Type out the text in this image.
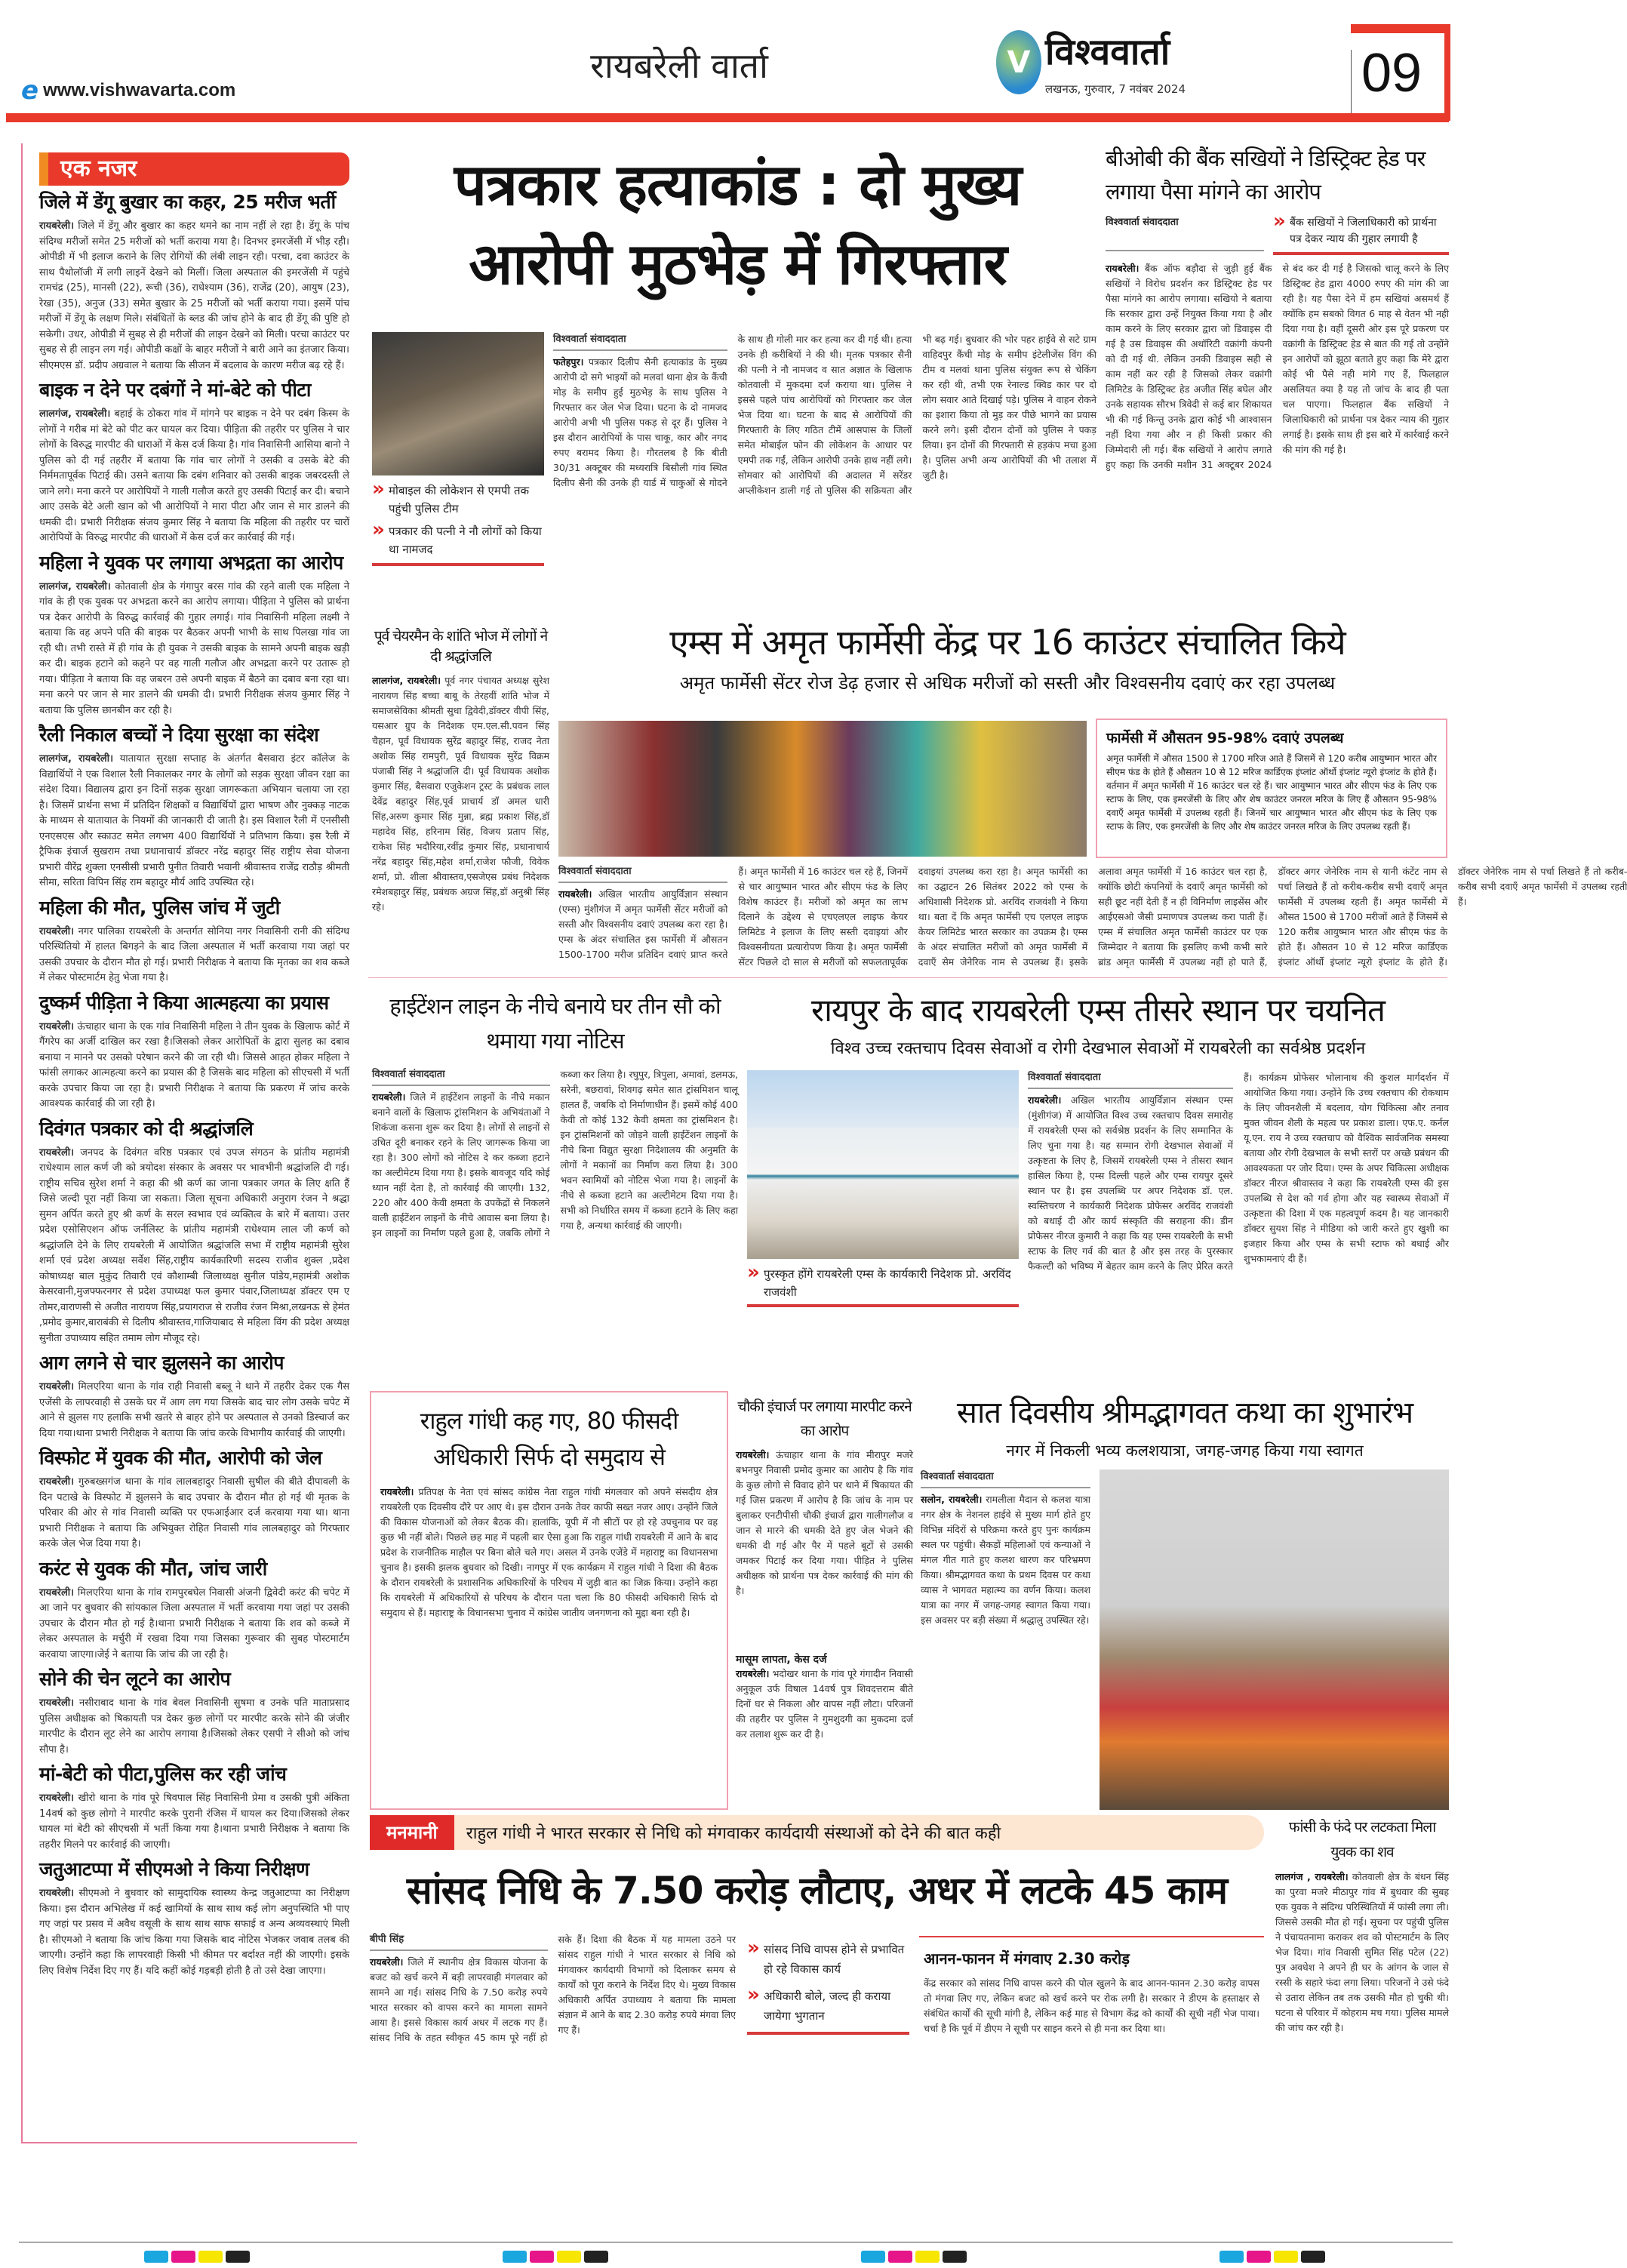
e www.vishwavarta.com
रायबरेली वार्ता	V विश्ववार्ता
लखनऊ, गुरुवार, 7 नवंबर 2024	09
एक नजर
जिले में डेंगू बुखार का कहर, 25 मरीज भर्ती

रायबरेली। जिले में डेंगू और बुखार का कहर थमने का नाम नहीं ले रहा है। डेंगू के पांच संदिग्ध मरीजों समेत 25 मरीजों को भर्ती कराया गया है। दिनभर इमरजेंसी में भीड़ रही। ओपीडी में भी इलाज कराने के लिए रोगियों की लंबी लाइन रही। परचा, दवा काउंटर के साथ पैथोलॉजी में लगी लाइनें देखने को मिलीं। जिला अस्पताल की इमरजेंसी में पहुंचे रामचंद्र (25), मानसी (22), रूची (36), राधेश्याम (36), राजेंद्र (20), आयुष (23), रेखा (35), अनुज (33) समेत बुखार के 25 मरीजों को भर्ती कराया गया। इसमें पांच मरीजों में डेंगू के लक्षण मिले। संबंधितों के ब्लड की जांच होने के बाद ही डेंगू की पुष्टि हो सकेगी। उधर, ओपीडी में सुबह से ही मरीजों की लाइन देखने को मिली। परचा काउंटर पर सुबह से ही लाइन लग गई। ओपीडी कक्षों के बाहर मरीजों ने बारी आने का इंतजार किया। सीएमएस डॉ. प्रदीप अग्रवाल ने बताया कि सीजन में बदलाव के कारण मरीज बढ़ रहे हैं।

बाइक न देने पर दबंगों ने मां-बेटे को पीटा

लालगंज, रायबरेली। बहाई के ठोकरा गांव में मांगने पर बाइक न देने पर दबंग किस्म के लोगों ने गरीब मां बेटे को पीट कर घायल कर दिया। पीड़िता की तहरीर पर पुलिस ने चार लोगों के विरुद्ध मारपीट की धाराओं में केस दर्ज किया है। गांव निवासिनी आसिया बानो ने पुलिस को दी गई तहरीर में बताया कि गांव चार लोगों ने उसकी व उसके बेटे की निर्ममतापूर्वक पिटाई की। उसने बताया कि दबंग शनिवार को उसकी बाइक जबरदस्ती ले जाने लगे। मना करने पर आरोपियों ने गाली गलौज करते हुए उसकी पिटाई कर दी। बचाने आए उसके बेटे अली खान को भी आरोपियों ने मारा पीटा और जान से मार डालने की धमकी दी। प्रभारी निरीक्षक संजय कुमार सिंह ने बताया कि महिला की तहरीर पर चारों आरोपियों के विरुद्ध मारपीट की धाराओं में केस दर्ज कर कार्रवाई की गई।

महिला ने युवक पर लगाया अभद्रता का आरोप

लालगंज, रायबरेली। कोतवाली क्षेत्र के गंगापुर बरस गांव की रहने वाली एक महिला ने गांव के ही एक युवक पर अभद्रता करने का आरोप लगाया। पीड़िता ने पुलिस को प्रार्थना पत्र देकर आरोपी के विरुद्ध कार्रवाई की गुहार लगाई। गांव निवासिनी महिला लक्ष्मी ने बताया कि वह अपने पति की बाइक पर बैठकर अपनी भाभी के साथ पिलखा गांव जा रही थी। तभी रास्ते में ही गांव के ही युवक ने उसकी बाइक के सामने अपनी बाइक खड़ी कर दी। बाइक हटाने को कहने पर वह गाली गलौज और अभद्रता करने पर उतारू हो गया। पीड़िता ने बताया कि वह जबरन उसे अपनी बाइक में बैठने का दबाव बना रहा था। मना करने पर जान से मार डालने की धमकी दी। प्रभारी निरीक्षक संजय कुमार सिंह ने बताया कि पुलिस छानबीन कर रही है।

रैली निकाल बच्चों ने दिया सुरक्षा का संदेश

लालगंज, रायबरेली। यातायात सुरक्षा सप्ताह के अंतर्गत बैसवारा इंटर कॉलेज के विद्यार्थियों ने एक विशाल रैली निकालकर नगर के लोगों को सड़क सुरक्षा जीवन रक्षा का संदेश दिया। विद्यालय द्वारा इन दिनों सड़क सुरक्षा जागरूकता अभियान चलाया जा रहा है। जिसमें प्रार्थना सभा में प्रतिदिन शिक्षकों व विद्यार्थियों द्वारा भाषण और नुक्कड़ नाटक के माध्यम से यातायात के नियमों की जानकारी दी जाती है। इस विशाल रैली में एनसीसी एनएसएस और स्काउट समेत लगभग 400 विद्यार्थियों ने प्रतिभाग किया। इस रैली में ट्रैफिक इंचार्ज सुखराम तथा प्रधानाचार्य डॉक्टर नरेंद्र बहादुर सिंह राष्ट्रीय सेवा योजना प्रभारी वीरेंद्र शुक्ला एनसीसी प्रभारी पुनीत तिवारी भवानी श्रीवास्तव राजेंद्र राठौड़ श्रीमती सीमा, सरिता विपिन सिंह राम बहादुर मौर्य आदि उपस्थित रहे।

महिला की मौत, पुलिस जांच में जुटी

रायबरेली। नगर पालिका रायबरेली के अन्तर्गत सोनिया नगर निवासिनी रानी की संदिग्ध परिस्थितियो में हालत बिगड़ने के बाद जिला अस्पताल में भर्ती करवाया गया जहां पर उसकी उपचार के दौरान मौत हो गई। प्रभारी निरीक्षक ने बताया कि मृतका का शव कब्जे में लेकर पोस्टमार्टम हेतु भेजा गया है।

दुष्कर्म पीड़िता ने किया आत्महत्या का प्रयास

रायबरेली। ऊंचाहार थाना के एक गांव निवासिनी महिला ने तीन युवक के खिलाफ कोर्ट में गैंगरेप का अर्जी दाखिल कर रखा है।जिसको लेकर आरोपितों के द्वारा सुलह का दबाव बनाया न मानने पर उसको परेषान करने की जा रही थी। जिससे आहत होकर महिला ने फांसी लगाकर आत्महत्या करने का प्रयास की है जिसके बाद महिला को सीएचसी में भर्ती करके उपचार किया जा रहा है। प्रभारी निरीक्षक ने बताया कि प्रकरण में जांच करके आवश्यक कार्रवाई की जा रही है।

दिवंगत पत्रकार को दी श्रद्धांजलि

रायबरेली। जनपद के दिवंगत वरिष्ठ पत्रकार एवं उपज संगठन के प्रांतीय महामंत्री राधेश्याम लाल कर्ण जी को त्रयोदश संस्कार के अवसर पर भावभीनी श्रद्धांजलि दी गई। राष्ट्रीय सचिव सुरेश शर्मा ने कहा की श्री कर्ण का जाना पत्रकार जगत के लिए क्षति हैं जिसे जल्दी पूरा नहीं किया जा सकता। जिला सूचना अधिकारी अनुराग रंजन ने श्रद्धा सुमन अर्पित करते हुए श्री कर्ण के सरल स्वभाव एवं व्यक्तित्व के बारे में बताया। उत्तर प्रदेश एसोसिएशन ऑफ जर्नलिस्ट के प्रांतीय महामंत्री राधेश्याम लाल जी कर्ण को श्रद्धांजलि देने के लिए रायबरेली में आयोजित श्रद्धांजलि सभा में राष्ट्रीय महामंत्री सुरेश शर्मा एवं प्रदेश अध्यक्ष सर्वेश सिंह,राष्ट्रीय कार्यकारिणी सदस्य राजीव शुक्ल ,प्रदेश कोषाध्यक्ष बाल मुकुंद तिवारी एवं कौशाम्बी जिलाध्यक्ष सुनील पांडेय,महामंत्री अशोक केसरवानी,मुजफ्फरनगर से प्रदेश उपाध्यक्ष फल कुमार पंवार,जिलाध्यक्ष डॉक्टर एम ए तोमर,वाराणसी से अजीत नारायण सिंह,प्रयागराज से राजीव रंजन मिश्रा,लखनऊ से हेमंत ,प्रमोद कुमार,बाराबंकी से दिलीप श्रीवास्तव,गाजियाबाद से महिला विंग की प्रदेश अध्यक्ष सुनीता उपाध्याय सहित तमाम लोग मौजूद रहे।

आग लगने से चार झुलसने का आरोप

रायबरेली। मिलएरिया थाना के गांव राही निवासी बब्लू ने थाने में तहरीर देकर एक गैस एजेंसी के लापरवाही से उसके घर में आग लग गया जिसके बाद चार लोग उसके चपेट में आने से झुलस गए हलाकि सभी खतरे से बाहर होने पर अस्पताल से उनको डिस्चार्ज कर दिया गया।थाना प्रभारी निरीक्षक ने बताया कि जांच करके विभागीय कार्रवाई की जाएगी।

विस्फोट में युवक की मौत, आरोपी को जेल

रायबरेली। गुरुबख्सगंज थाना के गांव लालबहादुर निवासी सुषील की बीते दीपावली के दिन पटाखे के विस्फोट में झुलसने के बाद उपचार के दौरान मौत हो गई थी मृतक के परिवार की ओर से गांव निवासी व्यक्ति पर एफआईआर दर्ज करवाया गया था। थाना प्रभारी निरीक्षक ने बताया कि अभियुक्त रोहित निवासी गांव लालबहादुर को गिरफ्तार करके जेल भेज दिया गया है।

करंट से युवक की मौत, जांच जारी

रायबरेली। मिलएरिया थाना के गांव रामपुरबघेल निवासी अंजनी द्विवेदी करंट की चपेट में आ जाने पर बुधवार की सांयकाल जिला अस्पताल में भर्ती करवाया गया जहां पर उसकी उपचार के दौरान मौत हो गई है।थाना प्रभारी निरीक्षक ने बताया कि शव को कब्जे में लेकर अस्पताल के मर्चुरी में रखवा दिया गया जिसका गुरूवार की सुबह पोस्टमार्टम करवाया जाएगा।जेई ने बताया कि जांच की जा रही है।

सोने की चेन लूटने का आरोप

रायबरेली। नसीराबाद थाना के गांव बेवल निवासिनी सुषमा व उनके पति माताप्रसाद पुलिस अधीक्षक को षिकायती पत्र देकर कुछ लोगों पर मारपीट करके सोने की जंजीर मारपीट के दौरान लूट लेने का आरोप लगाया है।जिसको लेकर एसपी ने सीओ को जांच सौपा है।

मां-बेटी को पीटा,पुलिस कर रही जांच

रायबरेली। खीरो थाना के गांव पूरे षिवपाल सिंह निवासिनी प्रेमा व उसकी पुत्री अंकिता 14वर्ष को कुछ लोगो ने मारपीट करके पुरानी रंजिस में घायल कर दिया।जिसको लेकर घायल मां बेटी को सीएचसी में भर्ती किया गया है।थाना प्रभारी निरीक्षक ने बताया कि तहरीर मिलने पर कार्रवाई की जाएगी।

जतुआटप्पा में सीएमओ ने किया निरीक्षण

रायबरेली। सीएमओ ने बुधवार को सामुदायिक स्वास्थ्य केन्द्र जतुआटप्पा का निरीक्षण किया। इस दौरान अभिलेख में कई खामियों के साथ साथ कई लोग अनुपस्थिति भी पाए गए जहां पर प्रसव में अवैध वसूली के साथ साथ साफ सफाई व अन्य अव्यवस्थाएं मिली है। सीएमओ ने बताया कि जांच किया गया जिसके बाद नोटिस भेजकर जवाब तलब की जाएगी। उन्होंने कहा कि लापरवाही किसी भी कीमत पर बर्दाश्त नहीं की जाएगी। इसके लिए विशेष निर्देश दिए गए हैं। यदि कहीं कोई गड़बड़ी होती है तो उसे देखा जाएगा।

पत्रकार हत्याकांड : दो मुख्य आरोपी मुठभेड़ में गिरफ्तार
» मोबाइल की लोकेशन से एमपी तक पहुंची पुलिस टीम
» पत्रकार की पत्नी ने नौ लोगों को किया था नामजद
विश्ववार्ता संवाददाता
फतेहपुर। पत्रकार दिलीप सैनी हत्याकांड के मुख्य आरोपी दो सगे भाइयों को मलवां थाना क्षेत्र के कैंची मोड़ के समीप हुई मुठभेड़ के साथ पुलिस ने गिरफ्तार कर जेल भेज दिया। घटना के दो नामजद आरोपी अभी भी पुलिस पकड़ से दूर हैं। पुलिस ने इस दौरान आरोपियों के पास चाकू, कार और नगद रुपए बरामद किया है। गौरतलब है कि बीती 30/31 अक्टूबर की मध्यरात्रि बिसौली गांव स्थित दिलीप सैनी की उनके ही यार्ड में चाकुओं से गोदने के साथ ही गोली मार कर हत्या कर दी गई थी। हत्या उनके ही करीबियों ने की थी। मृतक पत्रकार सैनी की पत्नी ने नौ नामजद व सात अज्ञात के खिलाफ कोतवाली में मुकदमा दर्ज कराया था। पुलिस ने इससे पहले पांच आरोपियों को गिरफ्तार कर जेल भेज दिया था। घटना के बाद से आरोपियों की गिरफ्तारी के लिए गठित टीमें आसपास के जिलों समेत मोबाईल फोन की लोकेशन के आधार पर एमपी तक गईं, लेकिन आरोपी उनके हाथ नहीं लगे। सोमवार को आरोपियों की अदालत में सरेंडर अप्लीकेशन डाली गई तो पुलिस की सक्रियता और भी बढ़ गई। बुधवार की भोर पहर हाईवे से सटे ग्राम वाहिदपुर कैंची मोड़ के समीप इंटेलीजेंस विंग की टीम व मलवां थाना पुलिस संयुक्त रूप से चेकिंग कर रही थी, तभी एक रेनाल्ड क्विड कार पर दो लोग सवार आते दिखाई पड़े। पुलिस ने वाहन रोकने का इशारा किया तो मुड़ कर पीछे भागने का प्रयास करने लगे। इसी दौरान दोनों को पुलिस ने पकड़ लिया। इन दोनों की गिरफ्तारी से हड़कंप मचा हुआ है। पुलिस अभी अन्य आरोपियों की भी तलाश में जुटी है।
बीओबी की बैंक सखियों ने डिस्ट्रिक्ट हेड पर लगाया पैसा मांगने का आरोप
विश्ववार्ता संवाददाता	» बैंक सखियों ने जिलाधिकारी को प्रार्थना पत्र देकर न्याय की गुहार लगायी है
रायबरेली। बैंक ऑफ बड़ौदा से जुड़ी हुई बैंक सखियों ने विरोध प्रदर्शन कर डिस्ट्रिक्ट हेड पर पैसा मांगने का आरोप लगाया। सखियो ने बताया कि सरकार द्वारा उन्हें नियुक्त किया गया है और काम करने के लिए सरकार द्वारा जो डिवाइस दी गई है उस डिवाइस की अथॉरिटी वक्रांगी कंपनी को दी गई थी. लेकिन उनकी डिवाइस सही से काम नहीं कर रही है जिसको लेकर वक्रांगी लिमिटेड के डिस्ट्रिक्ट हेड अजीत सिंह बघेल और उनके सहायक सौरभ त्रिवेदी से कई बार शिकायत भी की गई किन्तु उनके द्वारा कोई भी आश्वासन नहीं दिया गया और न ही किसी प्रकार की जिम्मेदारी ली गई। बैंक सखियों ने आरोप लगाते हुए कहा कि उनकी मशीन 31 अक्टूबर 2024 से बंद कर दी गई है जिसको चालू करने के लिए डिस्ट्रिक्ट हेड द्वारा 4000 रुपए की मांग की जा रही है। यह पैसा देने में हम सखियां असमर्थ हैं क्योंकि हम सबको विगत 6 माह से वेतन भी नही दिया गया है। वहीं दूसरी ओर इस पूरे प्रकरण पर वक्रांगी के डिस्ट्रिक्ट हेड से बात की गई तो उन्होंने इन आरोपों को झूठा बताते हुए कहा कि मेरे द्वारा कोई भी पैसे नही मांगे गए हैं, फिलहाल असलियत क्या है यह तो जांच के बाद ही पता चल पाएगा। फिलहाल बैंक सखियों ने जिलाधिकारी को प्रार्थना पत्र देकर न्याय की गुहार लगाई है। इसके साथ ही इस बारे में कार्रवाई करने की मांग की गई है।
पूर्व चेयरमैन के शांति भोज में लोगों ने दी श्रद्धांजलि
लालगंज, रायबरेली। पूर्व नगर पंचायत अध्यक्ष सुरेश नारायण सिंह बच्चा बाबू के तेरहवीं शांति भोज में समाजसेविका श्रीमती सुधा द्विवेदी,डॉक्टर वीपी सिंह, यसआर ग्रुप के निदेशक एम.एल.सी.पवन सिंह चैहान, पूर्व विधायक सुरेंद्र बहादुर सिंह, राजद नेता अशोक सिंह रामपुरी, पूर्व विधायक सुरेंद्र विक्रम पंजाबी सिंह ने श्रद्धांजलि दी। पूर्व विधायक अशोक कुमार सिंह, बैसवारा एजुकेशन ट्रस्ट के प्रबंधक लाल देवेंद्र बहादुर सिंह,पूर्व प्राचार्य डॉ अमल धारी सिंह,अरुण कुमार सिंह मुन्ना, ब्रह्म प्रकाश सिंह,डॉ महादेव सिंह, हरिनाम सिंह, विजय प्रताप सिंह, राकेश सिंह भदौरिया,रवींद्र कुमार सिंह, प्रधानाचार्य नरेंद्र बहादुर सिंह,महेश शर्मा,राजेश फौजी, विवेक शर्मा, प्रो. शीला श्रीवास्तव,एसजेएस प्रबंध निदेशक रमेशबहादुर सिंह, प्रबंधक अग्रज सिंह,डॉ अनुश्री सिंह रहे।
एम्स में अमृत फार्मेसी केंद्र पर 16 काउंटर संचालित किये
अमृत फार्मेसी सेंटर रोज डेढ़ हजार से अधिक मरीजों को सस्ती और विश्वसनीय दवाएं कर रहा उपलब्ध
फार्मेसी में औसतन 95-98% दवाएं उपलब्ध
अमृत फार्मेसी में औसत 1500 से 1700 मरिज आते हैं जिसमें से 120 करीब आयुष्मान भारत और सीएम फंड के होते हैं औसतन 10 से 12 मरिज कार्डिएक इंप्लांट ऑर्थो इंप्लांट न्यूरो इंप्लांट के होते हैं। वर्तमान में अमृत फार्मेसी में 16 काउंटर चल रहे हैं। चार आयुष्मान भारत और सीएम फंड के लिए एक स्टाफ के लिए, एक इमरजेंसी के लिए और शेष काउंटर जनरल मरिज के लिए हैं औसतन 95-98% दवाएँ अमृत फार्मेसी में उपलब्ध रहती हैं। जिनमें चार आयुष्मान भारत और सीएम फंड के लिए एक स्टाफ के लिए, एक इमरजेंसी के लिए और शेष काउंटर जनरल मरिज के लिए उपलब्ध रहती हैं।
विश्ववार्ता संवाददाता
रायबरेली। अखिल भारतीय आयुर्विज्ञान संस्थान (एम्स) मुंशीगंज में अमृत फार्मेसी सेंटर मरीजों को सस्ती और विश्वसनीय दवाएं उपलब्ध करा रहा है। एम्स के अंदर संचालित इस फार्मेसी में औसतन 1500-1700 मरीज प्रतिदिन दवाएं प्राप्त करते हैं। अमृत फार्मेसी में 16 काउंटर चल रहे हैं, जिनमें से चार आयुष्मान भारत और सीएम फंड के लिए विशेष काउंटर हैं। मरीजों को अमृत का लाभ दिलाने के उद्देश्य से एचएलएल लाइफ केयर लिमिटेड ने इलाज के लिए सस्ती दवाइयां और विश्वसनीयता प्रत्यारोपण किया है। अमृत फार्मेसी सेंटर पिछले दो साल से मरीजों को सफलतापूर्वक दवाइयां उपलब्ध करा रहा है। अमृत फार्मेसी का का उद्घाटन 26 सितंबर 2022 को एम्स के अधिशासी निदेशक प्रो. अरविंद राजवंशी ने किया था। बता दें कि अमृत फार्मेसी एच एलएल लाइफ केयर लिमिटेड भारत सरकार का उपक्रम है। एम्स के अंदर संचालित मरीजों को अमृत फार्मेसी में दवाएँ सेम जेनेरिक नाम से उपलब्ध हैं। इसके अलावा अमृत फार्मेसी में 16 काउंटर चल रहा है, क्योंकि छोटी कंपनियों के दवाएँ अमृत फार्मेसी को सही छूट नहीं देती हैं न ही विनिर्माण लाइसेंस और आईएसओ जैसी प्रमाणपत्र उपलब्ध करा पाती हैं। एम्स में संचालित अमृत फार्मेसी काउंटर पर एक जिम्मेदार ने बताया कि इसलिए कभी कभी सारे ब्रांड अमृत फार्मेसी में उपलब्ध नहीं हो पाते हैं, डॉक्टर अगर जेनेरिक नाम से यानी कंटेंट नाम से पर्चा लिखते हैं तो करीब-करीब सभी दवाएँ अमृत फार्मेसी में उपलब्ध रहती हैं। अमृत फार्मेसी में औसत 1500 से 1700 मरीजों आते हैं जिसमें से 120 करीब आयुष्मान भारत और सीएम फंड के होते हैं। औसतन 10 से 12 मरिज कार्डिएक इंप्लांट ऑर्थो इंप्लांट न्यूरो इंप्लांट के होते हैं। डॉक्टर जेनेरिक नाम से पर्चा लिखते हैं तो करीब-करीब सभी दवाएँ अमृत फार्मेसी में उपलब्ध रहती हैं।
हाईटेंशन लाइन के नीचे बनाये घर तीन सौ को थमाया गया नोटिस
विश्ववार्ता संवाददाता
रायबरेली। जिले में हाईटेंशन लाइनों के नीचे मकान बनाने वालों के खिलाफ ट्रांसमिशन के अभियंताओं ने शिकंजा कसना शुरू कर दिया है। लोगों से लाइनों से उचित दूरी बनाकर रहने के लिए जागरूक किया जा रहा है। 300 लोगों को नोटिस दे कर कब्जा हटाने का अल्टीमेटम दिया गया है। इसके बावजूद यदि कोई ध्यान नहीं देता है, तो कार्रवाई की जाएगी। 132, 220 और 400 केवी क्षमता के उपकेंद्रों से निकलने वाली हाईटेंशन लाइनों के नीचे आवास बना लिया है। इन लाइनों का निर्माण पहले हुआ है, जबकि लोगों ने कब्जा कर लिया है। रघुपुर, त्रिपुला, अमावां, डलमऊ, सरेनी, बछरावां, शिवगढ़ समेत सात ट्रांसमिशन चालू हालत हैं, जबकि दो निर्माणाधीन हैं। इसमें कोई 400 केवी तो कोई 132 केवी क्षमता का ट्रांसमिशन है। इन ट्रांसमिशनों को जोड़ने वाली हाईटेंशन लाइनों के नीचे बिना विद्युत सुरक्षा निदेशालय की अनुमति के लोगों ने मकानों का निर्माण करा लिया है। 300 भवन स्वामियों को नोटिस भेजा गया है। लाइनों के नीचे से कब्जा हटाने का अल्टीमेटम दिया गया है। सभी को निर्धारित समय में कब्जा हटाने के लिए कहा गया है, अन्यथा कार्रवाई की जाएगी।
रायपुर के बाद रायबरेली एम्स तीसरे स्थान पर चयनित
विश्व उच्च रक्तचाप दिवस सेवाओं व रोगी देखभाल सेवाओं में रायबरेली का सर्वश्रेष्ठ प्रदर्शन
» पुरस्कृत होंगे रायबरेली एम्स के कार्यकारी निदेशक प्रो. अरविंद राजवंशी
विश्ववार्ता संवाददाता
रायबरेली। अखिल भारतीय आयुर्विज्ञान संस्थान एम्स (मुंशीगंज) में आयोजित विश्व उच्च रक्तचाप दिवस समारोह में रायबरेली एम्स को सर्वश्रेष्ठ प्रदर्शन के लिए सम्मानित के लिए चुना गया है। यह सम्मान रोगी देखभाल सेवाओं में उत्कृष्टता के लिए है, जिसमें रायबरेली एम्स ने तीसरा स्थान हासिल किया है, एम्स दिल्ली पहले और एम्स रायपुर दूसरे स्थान पर है। इस उपलब्धि पर अपर निदेशक डॉ. एल. स्वस्तिचरण ने कार्यकारी निदेशक प्रोफेसर अरविंद राजवंशी को बधाई दी और कार्य संस्कृति की सराहना की। डीन प्रोफेसर नीरज कुमारी ने कहा कि यह एम्स रायबरेली के सभी स्टाफ के लिए गर्व की बात है और इस तरह के पुरस्कार फैकल्टी को भविष्य में बेहतर काम करने के लिए प्रेरित करते हैं। कार्यक्रम प्रोफेसर भोलानाथ की कुशल मार्गदर्शन में आयोजित किया गया। उन्होंने कि उच्च रक्तचाप की रोकथाम के लिए जीवनशैली में बदलाव, योग चिकित्सा और तनाव मुक्त जीवन शैली के महत्व पर प्रकाश डाला। एफ.ए. कर्नल यू.एन. राय ने उच्च रक्तचाप को वैश्विक सार्वजनिक समस्या बताया और रोगी देखभाल के सभी स्तरों पर अच्छे प्रबंधन की आवश्यकता पर जोर दिया। एम्स के अपर चिकित्सा अधीक्षक डॉक्टर नीरज श्रीवास्तव ने कहा कि रायबरेली एम्स की इस उपलब्धि से देश को गर्व होगा और यह स्वास्थ्य सेवाओं में उत्कृष्टता की दिशा में एक महत्वपूर्ण कदम है। यह जानकारी डॉक्टर सुयश सिंह ने मीडिया को जारी करते हुए खुशी का इजहार किया और एम्स के सभी स्टाफ को बधाई और शुभकामनाएं दी हैं।
राहुल गांधी कह गए, 80 फीसदी अधिकारी सिर्फ दो समुदाय से
रायबरेली। प्रतिपक्ष के नेता एवं सांसद कांग्रेस नेता राहुल गांधी मंगलवार को अपने संसदीय क्षेत्र रायबरेली एक दिवसीय दौरे पर आए थे। इस दौरान उनके तेवर काफी सख्त नजर आए। उन्होंने जिले की विकास योजनाओं को लेकर बैठक की। हालांकि, यूपी में नौ सीटों पर हो रहे उपचुनाव पर वह कुछ भी नहीं बोले। पिछले छह माह में पहली बार ऐसा हुआ कि राहुल गांधी रायबरेली में आने के बाद प्रदेश के राजनीतिक माहौल पर बिना बोले चले गए। असल में उनके एजेंडे में महाराष्ट्र का विधानसभा चुनाव है। इसकी झलक बुधवार को दिखी। नागपुर में एक कार्यक्रम में राहुल गांधी ने दिशा की बैठक के दौरान रायबरेली के प्रशासनिक अधिकारियों के परिचय में जुड़ी बात का जिक्र किया। उन्होंने कहा कि रायबरेली में अधिकारियों से परिचय के दौरान पता चला कि 80 फीसदी अधिकारी सिर्फ दो समुदाय से हैं। महाराष्ट्र के विधानसभा चुनाव में कांग्रेस जातीय जनगणना को मुद्दा बना रही है।
चौकी इंचार्ज पर लगाया मारपीट करने का आरोप
रायबरेली। ऊंचाहार थाना के गांव मीरापुर मजरे बभनपुर निवासी प्रमोद कुमार का आरोप है कि गांव के कुछ लोगो से विवाद होने पर थाने में षिकायत की गई जिस प्रकरण में आरोप है कि जांच के नाम पर बुलाकर एनटीपीसी चौकी इंचार्ज द्वारा गालीगलौज व जान से मारने की धमकी देते हुए जेल भेजने की धमकी दी गई और पैर में पहले बूटों से उसकी जमकर पिटाई कर दिया गया। पीड़ित ने पुलिस अधीक्षक को प्रार्थना पत्र देकर कार्रवाई की मांग की है।
मासूम लापता, केस दर्ज
रायबरेली। भदोखर थाना के गांव पूरे गंगादीन निवासी अनुकूल उर्फ विषाल 14वर्ष पुत्र शिवदत्तराम बीते दिनों घर से निकला और वापस नहीं लौटा। परिजनों की तहरीर पर पुलिस ने गुमशुदगी का मुकदमा दर्ज कर तलाश शुरू कर दी है।
सात दिवसीय श्रीमद्भागवत कथा का शुभारंभ
नगर में निकली भव्य कलशयात्रा, जगह-जगह किया गया स्वागत
विश्ववार्ता संवाददाता
सलोन, रायबरेली। रामलीला मैदान से कलश यात्रा नगर क्षेत्र के नेशनल हाईवे से मुख्य मार्ग होते हुए विभिन्न मंदिरों से परिक्रमा करते हुए पुनः कार्यक्रम स्थल पर पहुंची। सैकड़ों महिलाओं एवं कन्याओं ने मंगल गीत गाते हुए कलश धारण कर परिभ्रमण किया। श्रीमद्भागवत कथा के प्रथम दिवस पर कथा व्यास ने भागवत महात्म्य का वर्णन किया। कलश यात्रा का नगर में जगह-जगह स्वागत किया गया। इस अवसर पर बड़ी संख्या में श्रद्धालु उपस्थित रहे।
मनमानी	राहुल गांधी ने भारत सरकार से निधि को मंगवाकर कार्यदायी संस्थाओं को देने की बात कही
सांसद निधि के 7.50 करोड़ लौटाए, अधर में लटके 45 काम
बीपी सिंह
रायबरेली। जिले में स्थानीय क्षेत्र विकास योजना के बजट को खर्च करने में बड़ी लापरवाही मंगलवार को सामने आ गई। सांसद निधि के 7.50 करोड़ रुपये भारत सरकार को वापस करने का मामला सामने आया है। इससे विकास कार्य अधर में लटक गए हैं। सांसद निधि के तहत स्वीकृत 45 काम पूरे नहीं हो सके हैं। दिशा की बैठक में यह मामला उठने पर सांसद राहुल गांधी ने भारत सरकार से निधि को मंगवाकर कार्यदायी विभागों को दिलाकर समय से कार्यों को पूरा कराने के निर्देश दिए थे। मुख्य विकास अधिकारी अर्पित उपाध्याय ने बताया कि मामला संज्ञान में आने के बाद 2.30 करोड़ रुपये मंगवा लिए गए हैं।
» सांसद निधि वापस होने से प्रभावित हो रहे विकास कार्य
» अधिकारी बोले, जल्द ही कराया जायेगा भुगतान
आनन-फानन में मंगवाए 2.30 करोड़
केंद्र सरकार को सांसद निधि वापस करने की पोल खुलने के बाद आनन-फानन 2.30 करोड़ वापस तो मंगवा लिए गए, लेकिन बजट को खर्च करने पर रोक लगी है। सरकार ने डीएम के हस्ताक्षर से संबंधित कार्यों की सूची मांगी है, लेकिन कई माह से विभाग केंद्र को कार्यों की सूची नहीं भेज पाया। चर्चा है कि पूर्व में डीएम ने सूची पर साइन करने से ही मना कर दिया था।
फांसी के फंदे पर लटकता मिला युवक का शव
लालगंज , रायबरेली। कोतवाली क्षेत्र के बंधन सिंह का पुरवा मजरे मीठापुर गांव में बुधवार की सुबह एक युवक ने संदिग्ध परिस्थितियों में फांसी लगा ली। जिससे उसकी मौत हो गई। सूचना पर पहुंची पुलिस ने पंचायतनामा कराकर शव को पोस्टमार्टम के लिए भेज दिया। गांव निवासी सुमित सिंह पटेल (22) पुत्र अवधेश ने अपने ही घर के आंगन के जाल से रस्सी के सहारे फंदा लगा लिया। परिजनों ने उसे फंदे से उतारा लेकिन तब तक उसकी मौत हो चुकी थी। घटना से परिवार में कोहराम मच गया। पुलिस मामले की जांच कर रही है।
